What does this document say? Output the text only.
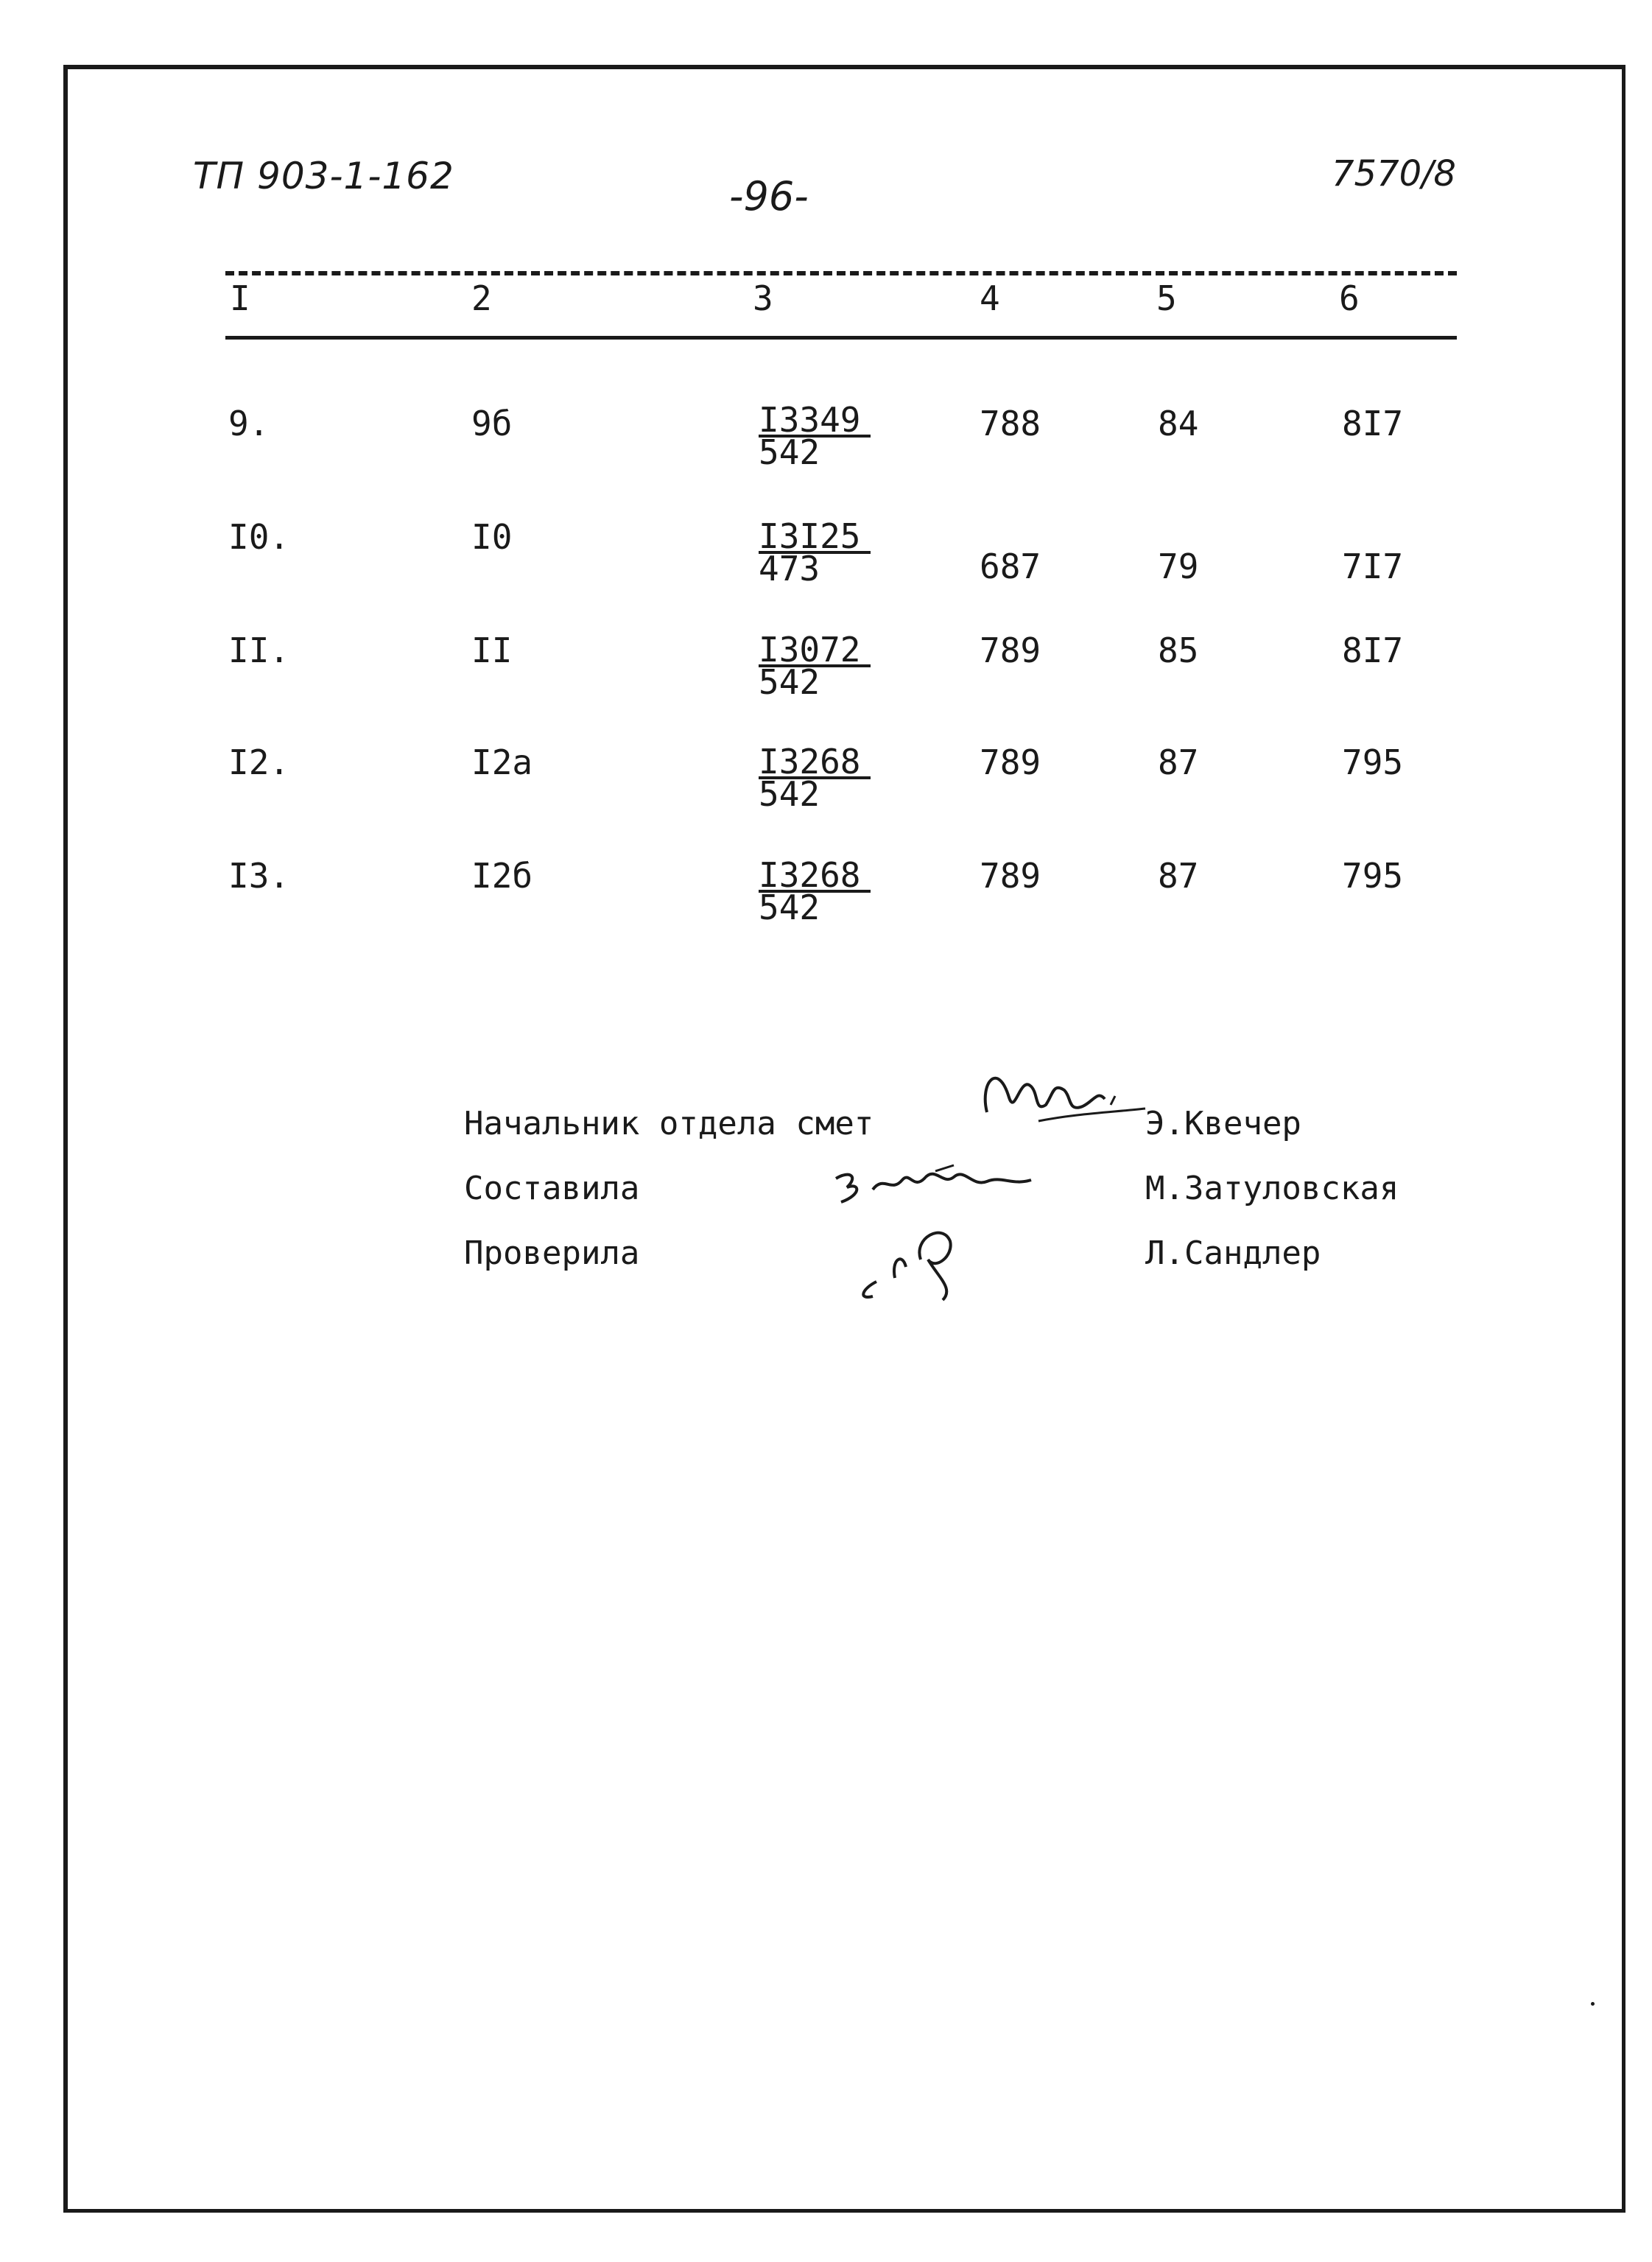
ТП 903-1-162	-96-	7570/8
I	2	3	4	5	6
9.	9б	$\frac{I3349}{542}$	788	84	8I7
I0.	I0	$\frac{I3I25}{473}$	687	79	7I7
II.	II	$\frac{I3072}{542}$	789	85	8I7
I2.	I2а	$\frac{I3268}{542}$	789	87	795
I3.	I2б	$\frac{I3268}{542}$	789	87	795
Начальник отдела смет	Э.Квечер
Составила	М.Затуловская
Проверила	Л.Сандлер
